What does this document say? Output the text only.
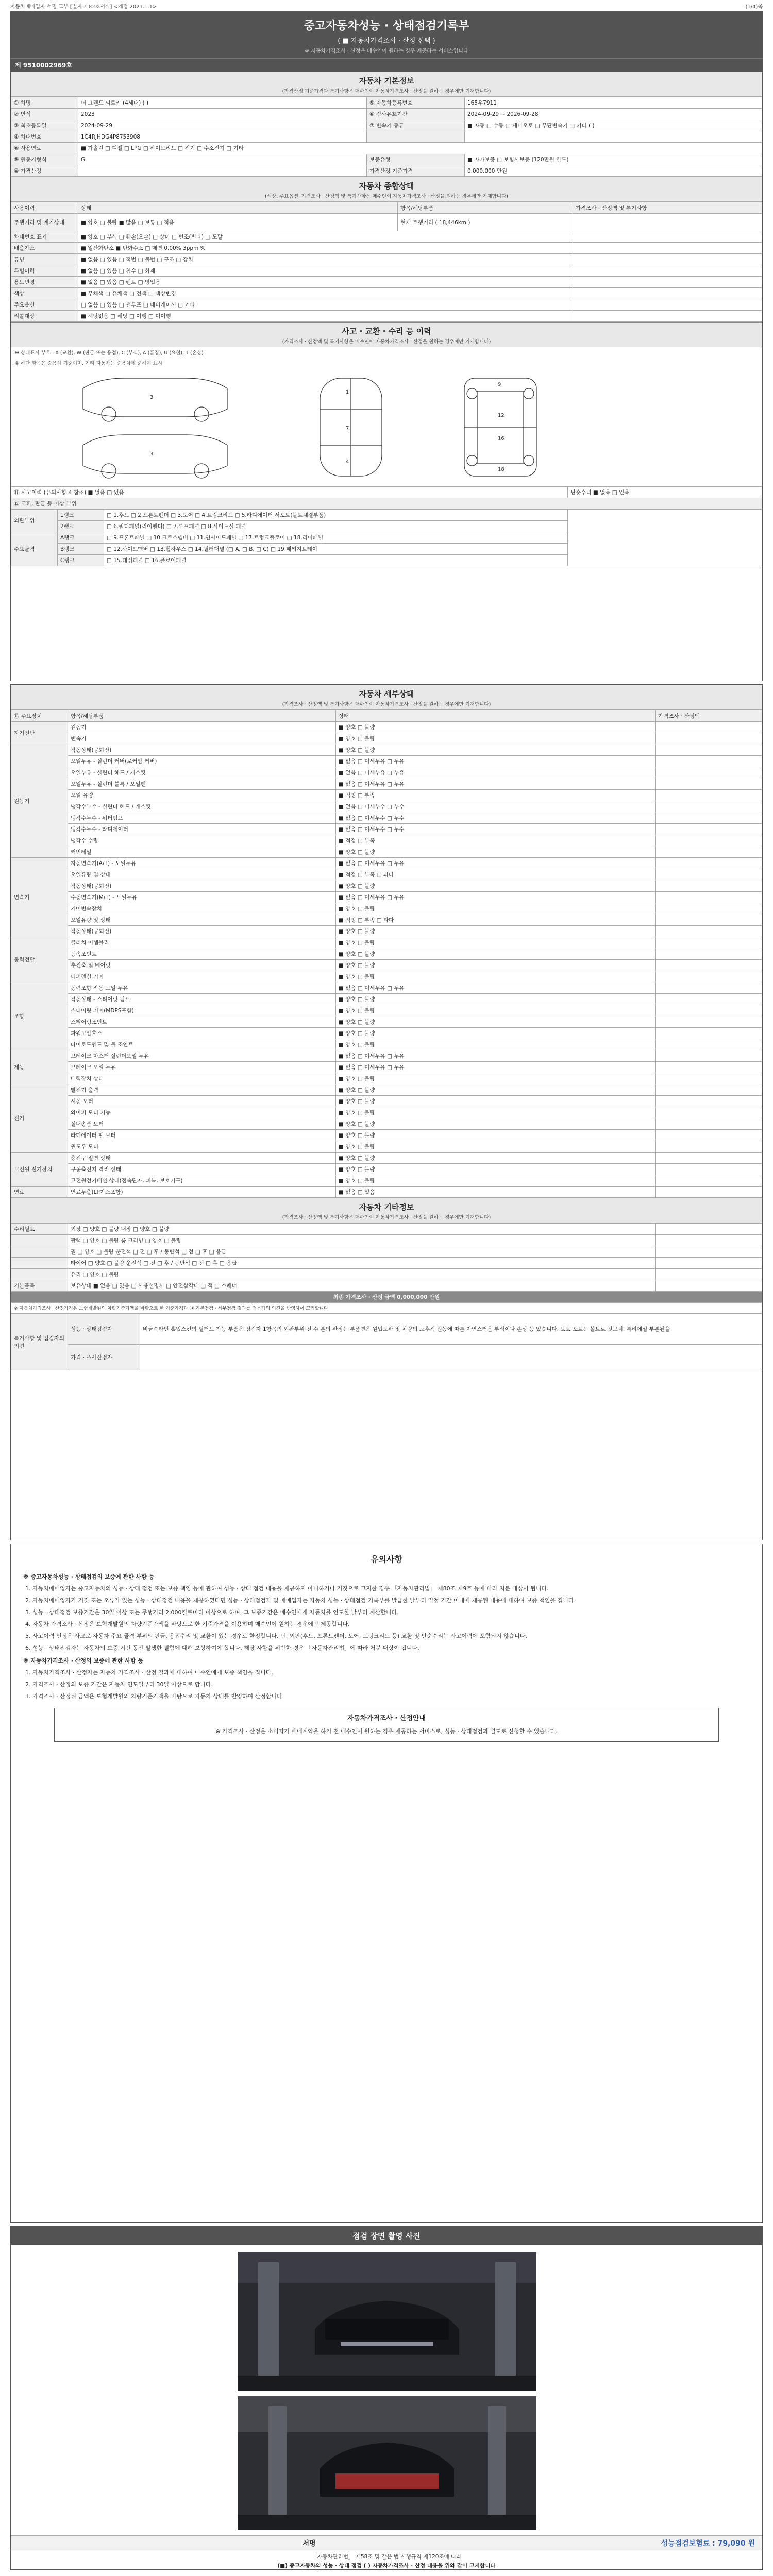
자동차매매업자 서명 교부 [별지 제82호서식] <개정 2021.1.1>	(1/4)쪽
중고자동차성능 · 상태점검기록부
( ■ 자동차가격조사 · 산정 선택 )
※ 자동차가격조사 · 산정은 매수인이 원하는 경우 제공하는 서비스입니다
제 9510002969호
자동차 기본정보
(가격산정 기준가격과 특기사항은 매수인이 자동차가격조사 · 산정을 원하는 경우에만 기재합니다)
① 차명	더 그랜드 씨로키 (4세대) ( )	⑤ 자동차등록번호	165우7911
② 연식	2023	⑥ 검사유효기간	2024-09-29 ~ 2026-09-28
③ 최초등록일	2024-09-29	⑦ 변속기 종류	■ 자동 □ 수동 □ 세미오토 □ 무단변속기 □ 기타 ( )
④ 차대번호	1C4RJHDG4P8753908		
⑧ 사용연료	■ 가솔린 □ 디젤 □ LPG □ 하이브리드 □ 전기 □ 수소전기 □ 기타		
⑨ 원동기형식	G	보증유형	■ 자가보증 □ 보험사보증 (120만원 한도)
⑩ 가격산정		가격산정 기준가격	0,000,000 만원
자동차 종합상태
(색상, 주요옵션, 가격조사 · 산정액 및 특기사항은 매수인이 자동차가격조사 · 산정을 원하는 경우에만 기재합니다)
사용이력	상태	항목/해당부품	가격조사 · 산정액 및 특기사항
주행거리 및 계기상태	■ 양호 □ 불량 ■ 많음 □ 보통 □ 적음	현재 주행거리 ( 18,446km )	
차대번호 표기	■ 양호 □ 부식 □ 훼손(오손) □ 상이 □ 변조(변타) □ 도말		
배출가스	■ 일산화탄소 ■ 탄화수소 □ 매연 0.00% 3ppm %		
튜닝	■ 없음 □ 있음 □ 적법 □ 불법 □ 구조 □ 장치		
특별이력	■ 없음 □ 있음 □ 침수 □ 화재		
용도변경	■ 없음 □ 있음 □ 렌트 □ 영업용		
색상	■ 무채색 □ 유채색 □ 전색 □ 색상변경		
주요옵션	□ 없음 □ 있음 □ 썬루프 □ 네비게이션 □ 기타		
리콜대상	■ 해당없음 □ 해당 □ 이행 □ 미이행		
사고 · 교환 · 수리 등 이력
(가격조사 · 산정액 및 특기사항은 매수인이 자동차가격조사 · 산정을 원하는 경우에만 기재합니다)
※ 상태표시 부호 : X (교환), W (판금 또는 용접), C (부식), A (흠집), U (요철), T (손상)
※ 하단 항목은 승용차 기준이며, 기타 자동차는 승용차에 준하여 표시
1
7
4
9
12
16
18
3
3
⑪ 사고이력 (유의사항 4 참조) ■ 없음 □ 있음			단순수리 ■ 없음 □ 있음
⑫ 교환, 판금 등 이상 부위			
외판부위	1랭크	□ 1.후드 □ 2.프론트펜더 □ 3.도어 □ 4.트렁크리드 □ 5.라디에이터 서포트(볼트체결부품)	
	2랭크	□ 6.쿼터패널(리어펜더) □ 7.루프패널 □ 8.사이드실 패널	
주요골격	A랭크	□ 9.프론트패널 □ 10.크로스멤버 □ 11.인사이드패널 □ 17.트렁크플로어 □ 18.리어패널	
	B랭크	□ 12.사이드멤버 □ 13.휠하우스 □ 14.필러패널 (□ A, □ B, □ C) □ 19.패키지트레이	
	C랭크	□ 15.대쉬패널 □ 16.플로어패널	
자동차 세부상태
(가격조사 · 산정액 및 특기사항은 매수인이 자동차가격조사 · 산정을 원하는 경우에만 기재합니다)
⑬ 주요장치	항목/해당부품	상태	가격조사 · 산정액
자기진단	원동기	■ 양호 □ 불량	
	변속기	■ 양호 □ 불량	
원동기	작동상태(공회전)	■ 양호 □ 불량	
	오일누유 - 실린더 커버(로커암 커버)	■ 없음 □ 미세누유 □ 누유	
	오일누유 - 실린더 헤드 / 개스킷	■ 없음 □ 미세누유 □ 누유	
	오일누유 - 실린더 블록 / 오일팬	■ 없음 □ 미세누유 □ 누유	
	오일 유량	■ 적정 □ 부족	
	냉각수누수 - 실린더 헤드 / 개스킷	■ 없음 □ 미세누수 □ 누수	
	냉각수누수 - 워터펌프	■ 없음 □ 미세누수 □ 누수	
	냉각수누수 - 라디에이터	■ 없음 □ 미세누수 □ 누수	
	냉각수 수량	■ 적정 □ 부족	
	커먼레일	■ 양호 □ 불량	
변속기	자동변속기(A/T) - 오일누유	■ 없음 □ 미세누유 □ 누유	
	오일유량 및 상태	■ 적정 □ 부족 □ 과다	
	작동상태(공회전)	■ 양호 □ 불량	
	수동변속기(M/T) - 오일누유	■ 없음 □ 미세누유 □ 누유	
	기어변속장치	■ 양호 □ 불량	
	오일유량 및 상태	■ 적정 □ 부족 □ 과다	
	작동상태(공회전)	■ 양호 □ 불량	
동력전달	클러치 어셈블리	■ 양호 □ 불량	
	등속조인트	■ 양호 □ 불량	
	추진축 및 베어링	■ 양호 □ 불량	
	디퍼렌셜 기어	■ 양호 □ 불량	
조향	동력조향 작동 오일 누유	■ 없음 □ 미세누유 □ 누유	
	작동상태 - 스티어링 펌프	■ 양호 □ 불량	
	스티어링 기어(MDPS포함)	■ 양호 □ 불량	
	스티어링조인트	■ 양호 □ 불량	
	파워고압호스	■ 양호 □ 불량	
	타이로드엔드 및 볼 조인트	■ 양호 □ 불량	
제동	브레이크 마스터 실린더오일 누유	■ 없음 □ 미세누유 □ 누유	
	브레이크 오일 누유	■ 없음 □ 미세누유 □ 누유	
	배력장치 상태	■ 양호 □ 불량	
전기	발전기 출력	■ 양호 □ 불량	
	시동 모터	■ 양호 □ 불량	
	와이퍼 모터 기능	■ 양호 □ 불량	
	실내송풍 모터	■ 양호 □ 불량	
	라디에이터 팬 모터	■ 양호 □ 불량	
	윈도우 모터	■ 양호 □ 불량	
고전원 전기장치	충전구 절연 상태	■ 양호 □ 불량	
	구동축전지 격리 상태	■ 양호 □ 불량	
	고전원전기배선 상태(접속단자, 피복, 보호기구)	■ 양호 □ 불량	
연료	연료누출(LP가스포함)	■ 없음 □ 있음	
자동차 기타정보
(가격조사 · 산정액 및 특기사항은 매수인이 자동차가격조사 · 산정을 원하는 경우에만 기재합니다)
수리필요	외장 □ 양호 □ 불량 내장 □ 양호 □ 불량	
	광택 □ 양호 □ 불량 룸 크리닝 □ 양호 □ 불량	
	휠 □ 양호 □ 불량 운전석 □ 전 □ 후 / 동반석 □ 전 □ 후 □ 응급	
	타이어 □ 양호 □ 불량 운전석 □ 전 □ 후 / 동반석 □ 전 □ 후 □ 응급	
	유리 □ 양호 □ 불량	
기본품목	보유상태 ■ 없음 □ 있음 □ 사용설명서 □ 안전삼각대 □ 잭 □ 스패너	
최종 가격조사 · 산정 금액 0,000,000 만원		
※ 자동차가격조사 · 산정가격은 보험개발원의 차량기준가액을 바탕으로 한 기준가격과 ⑭ 기본점검 · 세부점검 결과를 전문가의 의견을 반영하여 고려합니다		
특기사항 및 점검자의 의견	성능 · 상태점검자	비금속라인 흡입스킨의 필터드 가능 부품은 점검자 1항목의 외판부위 전 수 분의 판정는 부품연은 원업도판 및 차량의 노후적 원동에 따른 자연스러운 부식이나 손상 등 있습니다. 요요 포트는 볼트로 짓모치, 특리에설 부분된을
	가격 · 조사산정자	
유의사항
※ 중고자동차성능 · 상태점검의 보증에 관한 사항 등
1. 자동차매매업자는 중고자동차의 성능 · 상태 점검 또는 보증 책임 등에 관하여 성능 · 상태 점검 내용을 제공하지 아니하거나 거짓으로 고지한 경우 「자동차관리법」 제80조 제9호 등에 따라 처분 대상이 됩니다.
2. 자동차매매업자가 거짓 또는 오류가 있는 성능 · 상태점검 내용을 제공하였다면 성능 · 상태점검자 및 매매업자는 자동차 성능 · 상태점검 기록부를 발급한 날부터 일정 기간 이내에 제공된 내용에 대하여 보증 책임을 집니다.
3. 성능 · 상태점검 보증기간은 30일 이상 또는 주행거리 2,000킬로미터 이상으로 하며, 그 보증기간은 매수인에게 자동차를 인도한 날부터 계산합니다.
4. 자동차 가격조사 · 산정은 보험개발원의 차량기준가액을 바탕으로 한 기준가격을 이용하며 매수인이 원하는 경우에만 제공합니다.
5. 사고이력 인정은 사고로 자동차 주요 골격 부위의 판금, 용접수리 및 교환이 있는 경우로 한정합니다. 단, 외판(후드, 프론트펜더, 도어, 트렁크리드 등) 교환 및 단순수리는 사고이력에 포함되지 않습니다.
6. 성능 · 상태점검자는 자동차의 보증 기간 동안 발생한 결함에 대해 보상하여야 합니다. 해당 사항을 위반한 경우 「자동차관리법」에 따라 처분 대상이 됩니다.
※ 자동차가격조사 · 산정의 보증에 관한 사항 등
1. 자동차가격조사 · 산정자는 자동차 가격조사 · 산정 결과에 대하여 매수인에게 보증 책임을 집니다.
2. 가격조사 · 산정의 보증 기간은 자동차 인도일부터 30일 이상으로 합니다.
3. 가격조사 · 산정된 금액은 보험개발원의 차량기준가액을 바탕으로 자동차 상태를 반영하여 산정합니다.
자동차가격조사 · 산정안내
※ 가격조사 · 산정은 소비자가 매매계약을 하기 전 매수인이 원하는 경우 제공하는 서비스로, 성능 · 상태점검과 별도로 신청할 수 있습니다.
점검 장면 촬영 사진
서명	성능점검보험료 : 79,090 원
「자동차관리법」 제58조 및 같은 법 시행규칙 제120조에 따라
(■) 중고자동차의 성능 · 상태 점검 ( ) 자동차가격조사 · 산정 내용을 위와 같이 고지합니다
